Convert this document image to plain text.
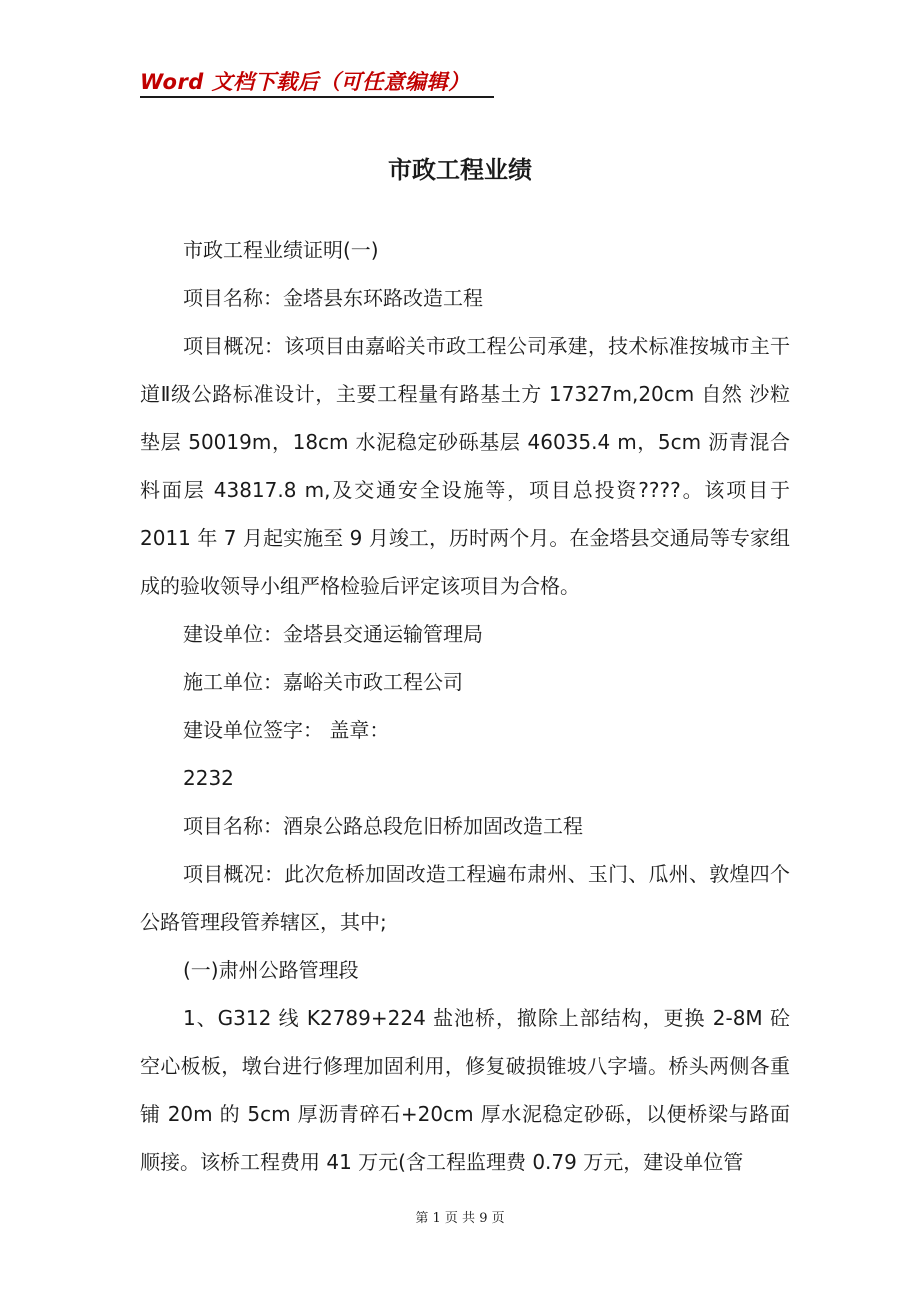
Word 文档下载后（可任意编辑）
市政工程业绩

市政工程业绩证明(一)

项目名称：金塔县东环路改造工程

项目概况：该项目由嘉峪关市政工程公司承建，技术标准按城市主干道Ⅱ级公路标准设计，主要工程量有路基土方 17327m,20cm 自然 沙粒垫层 50019m，18cm 水泥稳定砂砾基层 46035.4 m，5cm 沥青混合料面层 43817.8 m,及交通安全设施等，项目总投资????。该项目于 2011 年 7 月起实施至 9 月竣工，历时两个月。在金塔县交通局等专家组成的验收领导小组严格检验后评定该项目为合格。

建设单位：金塔县交通运输管理局

施工单位：嘉峪关市政工程公司

建设单位签字： 盖章：

2232

项目名称：酒泉公路总段危旧桥加固改造工程

项目概况：此次危桥加固改造工程遍布肃州、玉门、瓜州、敦煌四个公路管理段管养辖区，其中;

(一)肃州公路管理段

1、G312 线 K2789+224 盐池桥，撤除上部结构，更换 2-8M 砼空心板板，墩台进行修理加固利用，修复破损锥坡八字墙。桥头两侧各重铺 20m 的 5cm 厚沥青碎石+20cm 厚水泥稳定砂砾，以便桥梁与路面顺接。该桥工程费用 41 万元(含工程监理费 0.79 万元，建设单位管

第 1 页 共 9 页
